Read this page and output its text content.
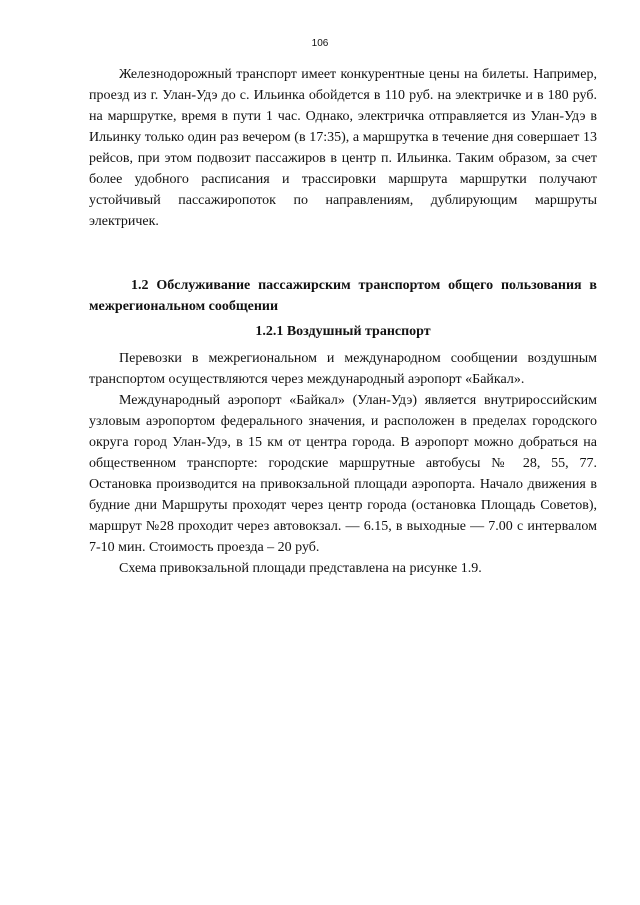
106

Железнодорожный транспорт имеет конкурентные цены на билеты. Например, проезд из г. Улан-Удэ до с. Ильинка обойдется в 110 руб. на электричке и в 180 руб. на маршрутке, время в пути 1 час. Однако, электричка отправляется из Улан-Удэ в Ильинку только один раз вечером (в 17:35), а маршрутка в течение дня совершает 13 рейсов, при этом подвозит пассажиров в центр п. Ильинка. Таким образом, за счет более удобного расписания и трассировки маршрута маршрутки получают устойчивый пассажиропоток по направлениям, дублирующим маршруты электричек.

1.2 Обслуживание пассажирским транспортом общего пользования в межрегиональном сообщении

1.2.1 Воздушный транспорт

Перевозки в межрегиональном и международном сообщении воздушным транспортом осуществляются через международный аэропорт «Байкал».

Международный аэропорт «Байкал» (Улан-Удэ) является внутрироссийским узловым аэропортом федерального значения, и расположен в пределах городского округа город Улан-Удэ, в 15 км от центра города. В аэропорт можно добраться на общественном транспорте: городские маршрутные автобусы № 28, 55, 77. Остановка производится на привокзальной площади аэропорта. Начало движения в будние дни Маршруты проходят через центр города (остановка Площадь Советов), маршрут №28 проходит через автовокзал. — 6.15, в выходные — 7.00 с интервалом 7-10 мин. Стоимость проезда – 20 руб.

Схема привокзальной площади представлена на рисунке 1.9.
